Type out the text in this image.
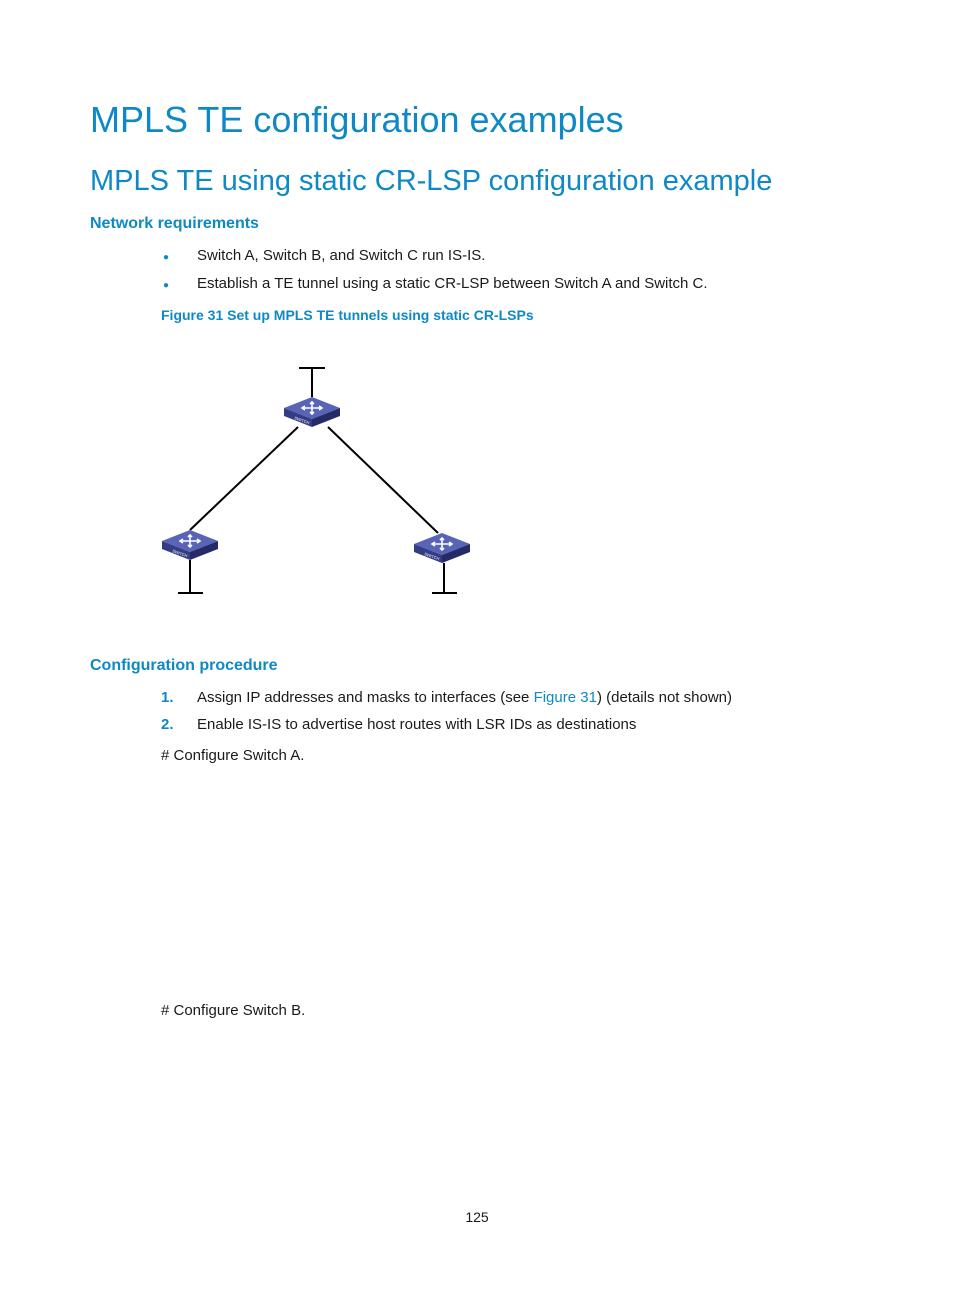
MPLS TE configuration examples
MPLS TE using static CR-LSP configuration example
Network requirements
● Switch A, Switch B, and Switch C run IS-IS.
● Establish a TE tunnel using a static CR-LSP between Switch A and Switch C.
Figure 31 Set up MPLS TE tunnels using static CR-LSPs
SWITCH
Configuration procedure
1. Assign IP addresses and masks to interfaces (see Figure 31) (details not shown)
2. Enable IS-IS to advertise host routes with LSR IDs as destinations
# Configure Switch A.
# Configure Switch B.
125
